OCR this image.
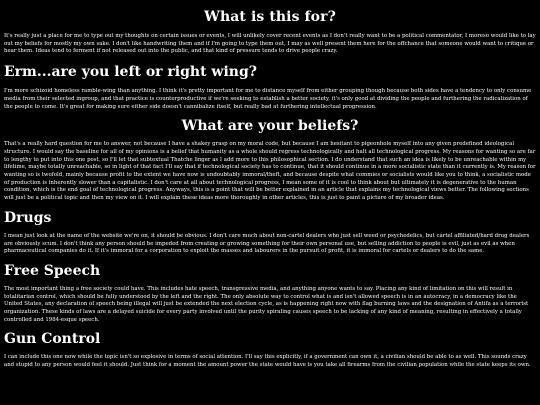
What is this for?

It's really just a place for me to type out my thoughts on certain issues or events, I will unlikely cover recent events as I don't really want to be a political commentator, I moreso would like to lay out my beliefs for mostly my own sake. I don't like handwriting them and if I'm going to type them out, I may as well present them here for the offchance that someone would want to critique or hear them. Ideas tend to ferment if not released out into the public, and that kind of pressure tends to drive people crazy.

Erm...are you left or right wing?

I'm more schizoid homeless ramble-wing than anything. I think it's pretty important for me to distance myself from either grouping though because both sides have a tendency to only consume media from their selected ingroup, and that practice is counterproductive if we're seeking to establish a better society, it's only good at dividing the people and furthering the radicalization of the people to come. It's great for making sure either side doesn't cannibalize itself, but really bad at furthering intellectual progression.

What are your beliefs?

That's a really hard question for me to answer, not because I have a shakey grasp on my moral code, but because I am hesitant to pigeonhole myself into any given predefined ideological structure. I would say the baseline for all of my opinions is a belief that humanity as a whole should regress technologically and halt all technological progress. My reasons for wanting so are far to lengthy to put into this one post, so I'll let that subtextual Thatche linger as I add more to this philosophical section. I do understand that such an idea is likely to be unreachable within my lifetime, maybe totally unreachable, so in light of that fact I'll say that if technological society has to continue, that it should continue in a more socialistic state than it currently is. My reason for wanting so is twofold, mainly because profit to the extent we have now is undoubtably immoral/theft, and because despite what commies or socialists would like you to think, a socialistic mode of production is inherently slower than a capitalistic. I don't care at all about technological progress, I mean some of it is cool to think about but ultimately it is degenerative to the human condition, which is the end goal of technological progress. Anyways, this is a point that will be better explained in an article that explains my technological views better. The following sections will just be a political topic and then my view on it. I will explain these ideas more thoroughly in other articles, this is just to paint a picture of my broader ideas.

Drugs

I mean just look at the name of the website we're on, it should be obvious. I don't care much about non-cartel dealers who just sell weed or psychedelics, but cartel affiliated/hard drug dealers are obviously scum. I don't think any person should be impeded from creating or growing something for their own personal use, but selling addiction to people is evil, just as evil as when pharmaceutical companies do it. If it's immoral for a corporation to exploit the masses and labourers in the pursuit of profit, it is immoral for cartels or dealers to do the same.

Free Speech

The most important thing a free society could have. This includes hate speech, transgressive media, and anything anyone wants to say. Placing any kind of limitation on this will result in totalitarian control, which should be fully understood by the left and the right. The only absolute way to control what is and isn't allowed speech is in an autocracy, in a democracy like the United States, any declaration of speech being illegal will just be extended the next election cycle, as is happening right now with flag burning laws and the designation of Antifa as a terrorist organization. These kinds of laws are a delayed suicide for every party involved until the purity spiraling causes speech to be lacking of any kind of meaning, resulting in effectively a totally controlled and 1984-esque speech.

Gun Control

I can include this one now while the topic isn't so explosive in terms of social attention. I'll say this explicitly, if a government can own it, a civilian should be able to as well. This sounds crazy and stupid to any person would feel it should. Just think for a moment the amount power the state would have is you take all firearms from the civilian population while the state keeps its own.
